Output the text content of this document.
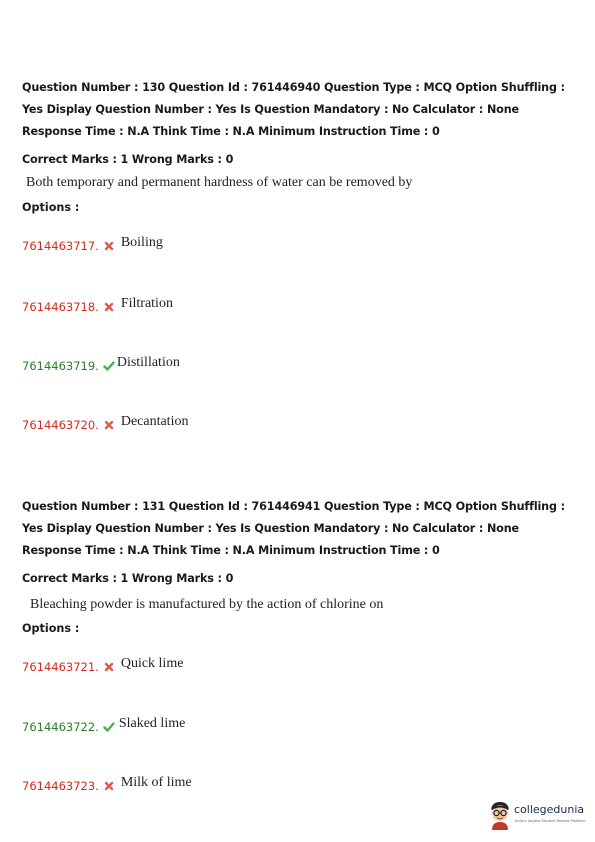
Question Number : 130 Question Id : 761446940 Question Type : MCQ Option Shuffling : Yes Display Question Number : Yes Is Question Mandatory : No Calculator : None Response Time : N.A Think Time : N.A Minimum Instruction Time : 0
Correct Marks : 1 Wrong Marks : 0
Both temporary and permanent hardness of water can be removed by
Options :
7614463717. Boiling
7614463718. Filtration
7614463719. Distillation
7614463720. Decantation
Question Number : 131 Question Id : 761446941 Question Type : MCQ Option Shuffling : Yes Display Question Number : Yes Is Question Mandatory : No Calculator : None Response Time : N.A Think Time : N.A Minimum Instruction Time : 0
Correct Marks : 1 Wrong Marks : 0
Bleaching powder is manufactured by the action of chlorine on
Options :
7614463721. Quick lime
7614463722. Slaked lime
7614463723. Milk of lime
collegedunia
India's largest Student Review Platform
